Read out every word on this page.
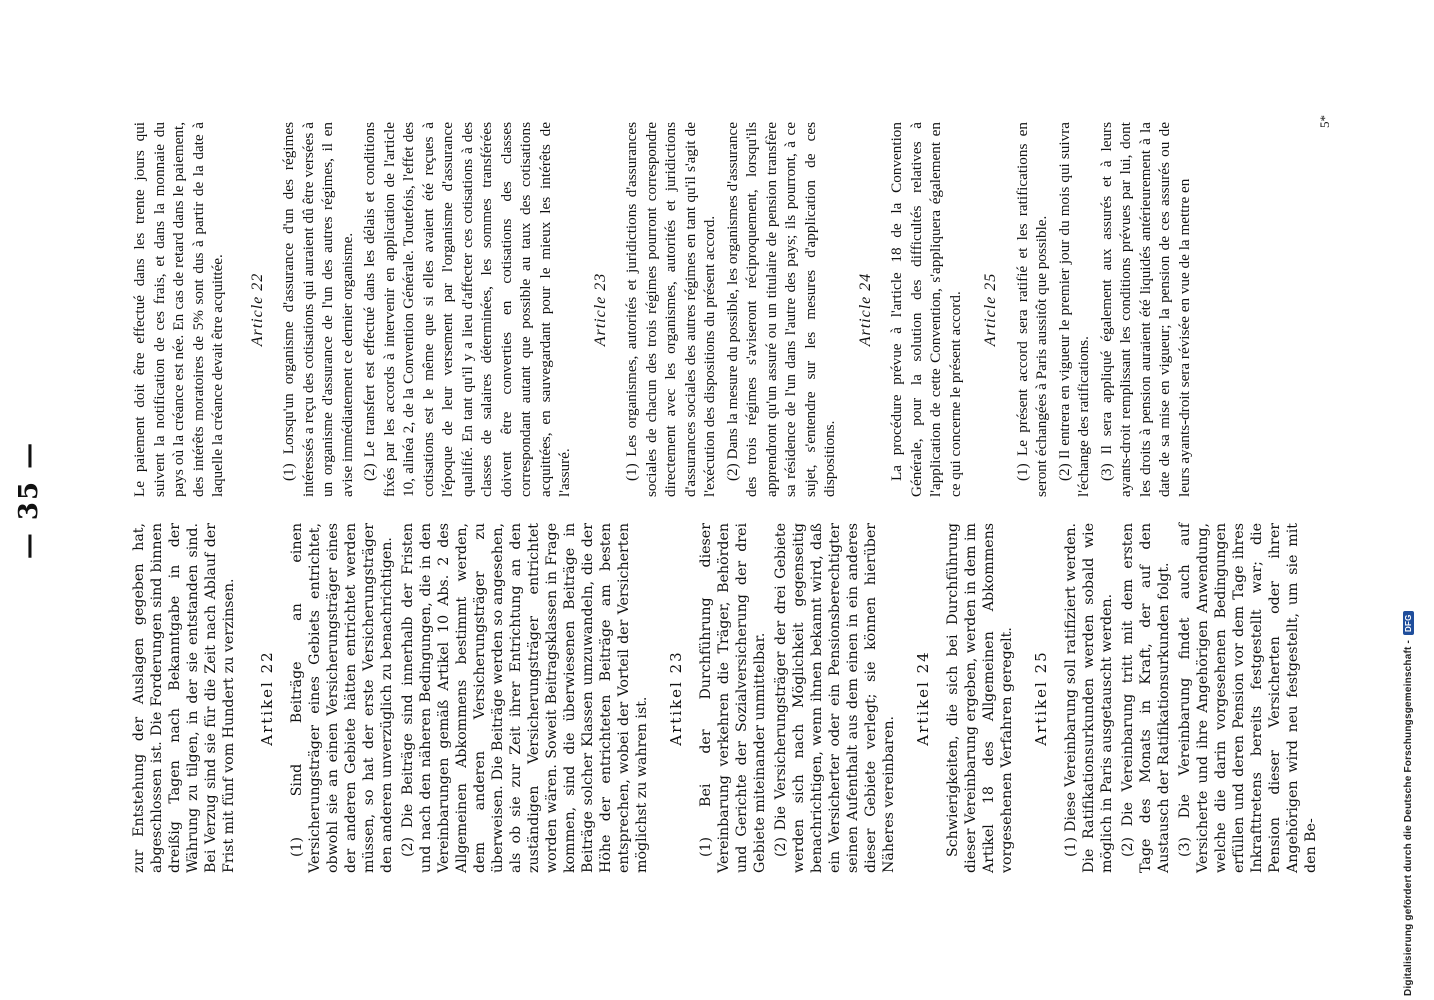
— 35 —

zur Entstehung der Auslagen gegeben hat, abgeschlossen ist. Die Forderungen sind binnen dreißig Tagen nach Bekanntgabe in der Währung zu tilgen, in der sie entstanden sind. Bei Verzug sind sie für die Zeit nach Ablauf der Frist mit fünf vom Hundert zu verzinsen. Artikel 22 (1) Sind Beiträge an einen Versicherungsträger eines Gebiets entrichtet, obwohl sie an einen Versicherungsträger eines der anderen Gebiete hätten entrichtet werden müssen, so hat der erste Versicherungsträger den anderen unverzüglich zu benachrichtigen. (2) Die Beiträge sind innerhalb der Fristen und nach den näheren Bedingungen, die in den Vereinbarungen gemäß Artikel 10 Abs. 2 des Allgemeinen Abkommens bestimmt werden, dem anderen Versicherungsträger zu überweisen. Die Beiträge werden so angesehen, als ob sie zur Zeit ihrer Entrichtung an den zuständigen Versicherungsträger entrichtet worden wären. Soweit Beitragsklassen in Frage kommen, sind die überwiesenen Beiträge in Beiträge solcher Klassen umzuwandeln, die der Höhe der entrichteten Beiträge am besten entsprechen, wobei der Vorteil der Versicherten möglichst zu wahren ist. Artikel 23 (1) Bei der Durchführung dieser Vereinbarung verkehren die Träger, Behörden und Gerichte der Sozialversicherung der drei Gebiete miteinander unmittelbar. (2) Die Versicherungsträger der drei Gebiete werden sich nach Möglichkeit gegenseitig benachrichtigen, wenn ihnen bekannt wird, daß ein Versicherter oder ein Pensionsberechtigter seinen Aufenthalt aus dem einen in ein anderes dieser Gebiete verlegt; sie können hierüber Näheres vereinbaren.

Artikel 24 Schwierigkeiten, die sich bei Durchführung dieser Vereinbarung ergeben, werden in dem im Artikel 18 des Allgemeinen Abkommens vorgesehenen Verfahren geregelt. Artikel 25 (1) Diese Vereinbarung soll ratifiziert werden. Die Ratifikationsurkunden werden sobald wie möglich in Paris ausgetauscht werden. (2) Die Vereinbarung tritt mit dem ersten Tage des Monats in Kraft, der auf den Austausch der Ratifikationsurkunden folgt. (3) Die Vereinbarung findet auch auf Versicherte und ihre Angehörigen Anwendung, welche die darin vorgesehenen Bedingungen erfüllen und deren Pension vor dem Tage ihres Inkrafttretens bereits festgestellt war; die Pension dieser Versicherten oder ihrer Angehörigen wird neu festgestellt, um sie mit den Be-

Le paiement doit être effectué dans les trente jours qui suivent la notification de ces frais, et dans la monnaie du pays où la créance est née. En cas de retard dans le paiement, des intérêts moratoires de 5% sont dus à partir de la date à laquelle la créance devait être acquittée. Article 22 (1) Lorsqu'un organisme d'assurance d'un des régimes intéressés a reçu des cotisations qui auraient dû être versées à un organisme d'assurance de l'un des autres régimes, il en avise immédiatement ce dernier organisme. (2) Le transfert est effectué dans les délais et conditions fixés par les accords à intervenir en application de l'article 10, alinéa 2, de la Convention Générale. Toutefois, l'effet des cotisations est le même que si elles avaient été reçues à l'époque de leur versement par l'organisme d'assurance qualifié. En tant qu'il y a lieu d'affecter ces cotisations à des classes de salaires déterminées, les sommes transférées doivent être converties en cotisations des classes correspondant autant que possible au taux des cotisations acquittées, en sauvegardant pour le mieux les intérêts de l'assuré.

Article 23 (1) Les organismes, autorités et juridictions d'assurances sociales de chacun des trois régimes pourront correspondre directement avec les organismes, autorités et juridictions d'assurances sociales des autres régimes en tant qu'il s'agit de l'exécution des dispositions du présent accord. (2) Dans la mesure du possible, les organismes d'assurance des trois régimes s'aviseront réciproquement, lorsqu'ils apprendront qu'un assuré ou un titulaire de pension transfère sa résidence de l'un dans l'autre des pays; ils pourront, à ce sujet, s'entendre sur les mesures d'application de ces dispositions.

Article 24 La procédure prévue à l'article 18 de la Convention Générale, pour la solution des difficultés relatives à l'application de cette Convention, s'appliquera également en ce qui concerne le présent accord. Article 25 (1) Le présent accord sera ratifié et les ratifications en seront échangées à Paris aussitôt que possible. (2) Il entrera en vigueur le premier jour du mois qui suivra l'échange des ratifications. (3) Il sera appliqué également aux assurés et à leurs ayants-droit remplissant les conditions prévues par lui, dont les droits à pension auraient été liquidés antérieurement à la date de sa mise en vigueur; la pension de ces assurés ou de leurs ayants-droit sera révisée en vue de la mettre en

5*
Digitalisierung gefördert durch die Deutsche Forschungsgemeinschaft - DFG
